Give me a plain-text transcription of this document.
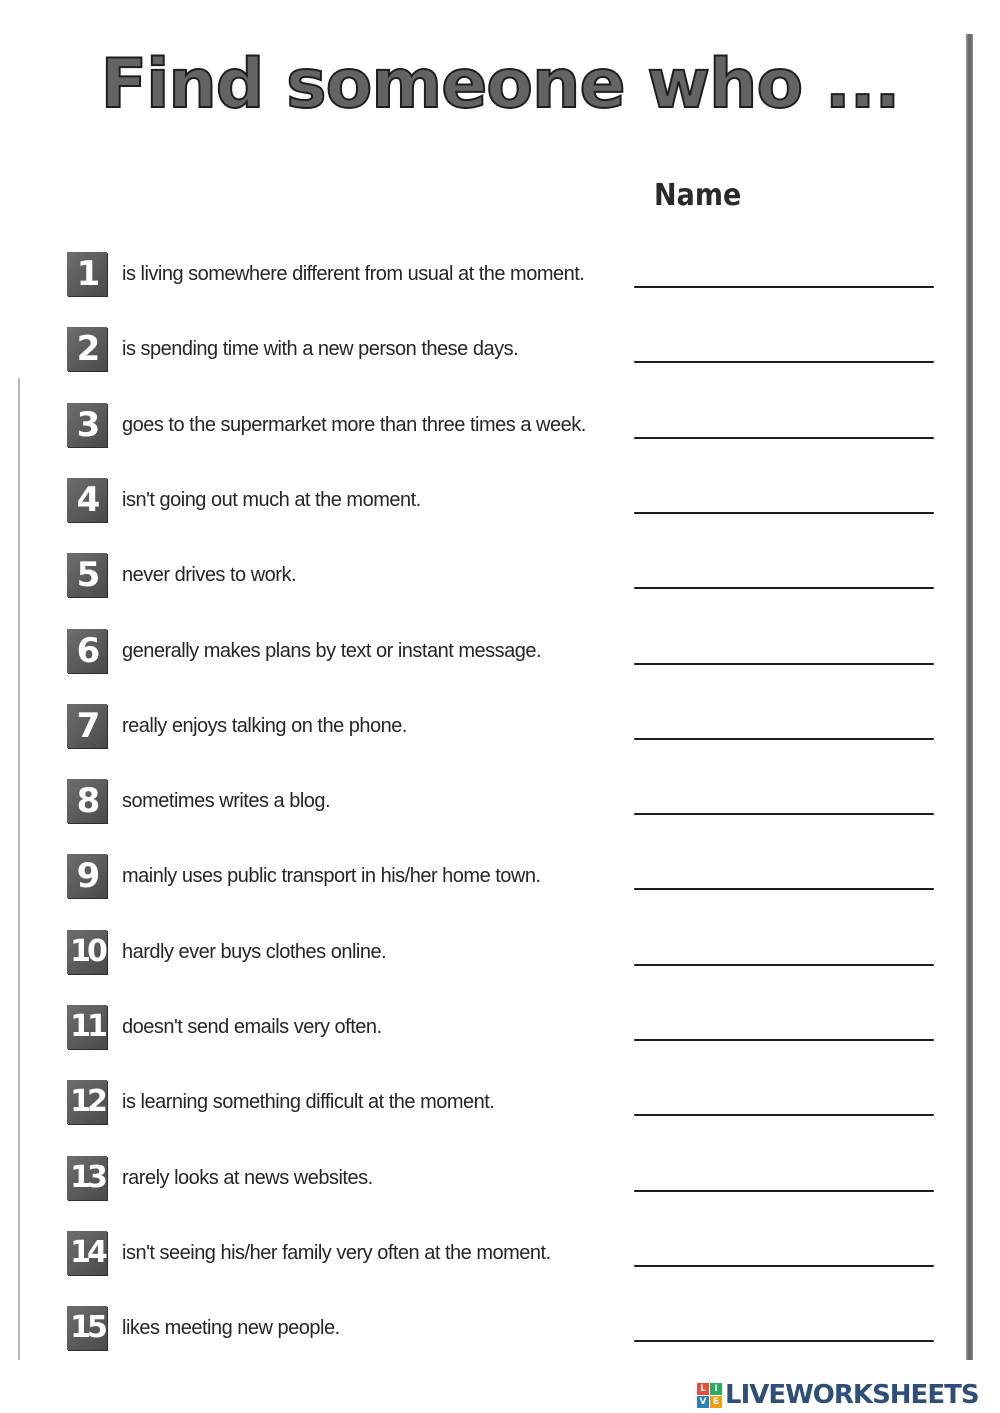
Find someone who ...
Name
1	is living somewhere different from usual at the moment.
2	is spending time with a new person these days.
3	goes to the supermarket more than three times a week.
4	isn't going out much at the moment.
5	never drives to work.
6	generally makes plans by text or instant message.
7	really enjoys talking on the phone.
8	sometimes writes a blog.
9	mainly uses public transport in his/her home town.
10 hardly ever buys clothes online.
11 doesn't send emails very often.
12 is learning something difficult at the moment.
13 rarely looks at news websites.
14 isn't seeing his/her family very often at the moment.
15 likes meeting new people.
L I
V E LIVEWORKSHEETS
